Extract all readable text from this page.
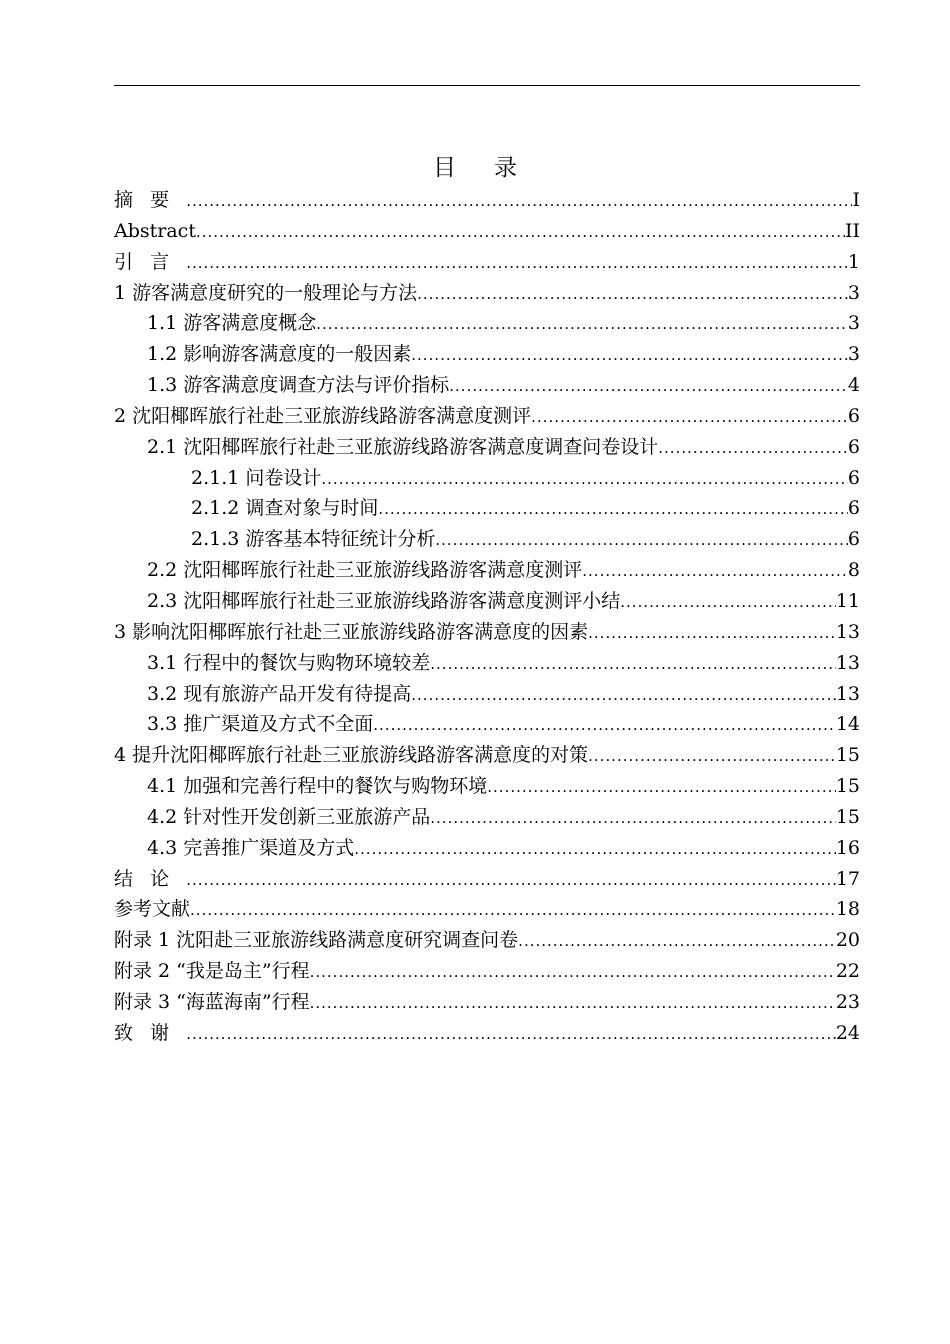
目录
摘要 .....	I
Abstract .....	II
引言 .....	1
1 游客满意度研究的一般理论与方法 .....	3
1.1 游客满意度概念 .....	3
1.2 影响游客满意度的一般因素 .....	3
1.3 游客满意度调查方法与评价指标 .....	4
2 沈阳椰晖旅行社赴三亚旅游线路游客满意度测评 .....	6
2.1 沈阳椰晖旅行社赴三亚旅游线路游客满意度调查问卷设计 .....	6
2.1.1 问卷设计 .....	6
2.1.2 调查对象与时间 .....	6
2.1.3 游客基本特征统计分析 .....	6
2.2 沈阳椰晖旅行社赴三亚旅游线路游客满意度测评 .....	8
2.3 沈阳椰晖旅行社赴三亚旅游线路游客满意度测评小结 .....	11
3 影响沈阳椰晖旅行社赴三亚旅游线路游客满意度的因素 .....	13
3.1 行程中的餐饮与购物环境较差 .....	13
3.2 现有旅游产品开发有待提高 .....	13
3.3 推广渠道及方式不全面 .....	14
4 提升沈阳椰晖旅行社赴三亚旅游线路游客满意度的对策 .....	15
4.1 加强和完善行程中的餐饮与购物环境 .....	15
4.2 针对性开发创新三亚旅游产品 .....	15
4.3 完善推广渠道及方式 .....	16
结论 .....	17
参考文献 .....	18
附录 1 沈阳赴三亚旅游线路满意度研究调查问卷 .....	20
附录 2 “我是岛主”行程 .....	22
附录 3 “海蓝海南”行程 .....	23
致谢 .....	24
